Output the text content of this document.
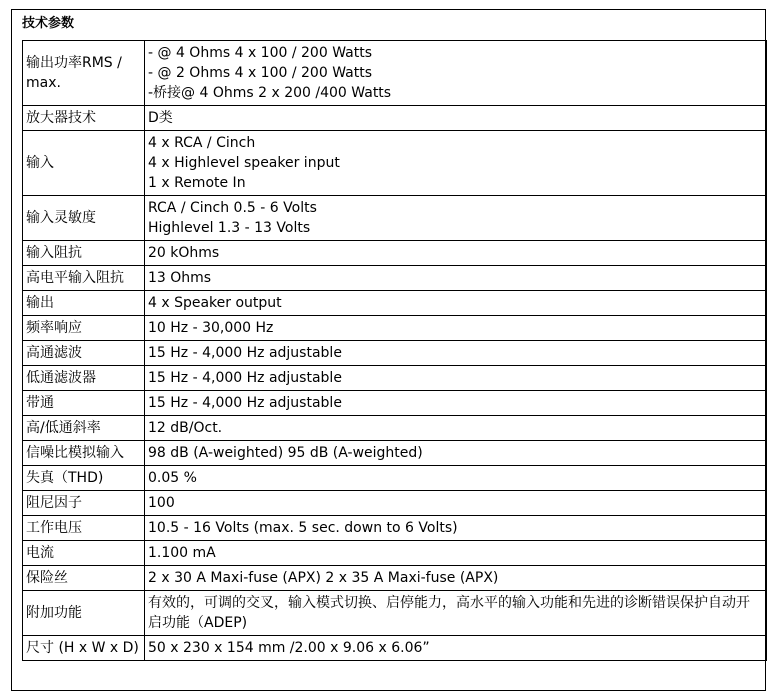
技术参数
输出功率RMS / max.	- @ 4 Ohms 4 x 100 / 200 Watts
- @ 2 Ohms 4 x 100 / 200 Watts
-桥接@ 4 Ohms 2 x 200 /400 Watts

放大器技术	D类

输入	4 x RCA / Cinch
4 x Highlevel speaker input
1 x Remote In

输入灵敏度	RCA / Cinch 0.5 - 6 Volts
Highlevel 1.3 - 13 Volts

输入阻抗	20 kOhms

高电平输入阻抗	13 Ohms

输出	4 x Speaker output

频率响应	10 Hz - 30,000 Hz

高通滤波	15 Hz - 4,000 Hz adjustable

低通滤波器	15 Hz - 4,000 Hz adjustable

带通	15 Hz - 4,000 Hz adjustable

高/低通斜率	12 dB/Oct.

信噪比模拟输入	98 dB (A-weighted) 95 dB (A-weighted)

失真（THD)	0.05 %

阻尼因子	100

工作电压	10.5 - 16 Volts (max. 5 sec. down to 6 Volts)

电流	1.100 mA

保险丝	2 x 30 A Maxi-fuse (APX) 2 x 35 A Maxi-fuse (APX)

附加功能	有效的，可调的交叉，输入模式切换、启停能力，高水平的输入功能和先进的诊断错误保护自动开启功能（ADEP)

尺寸 (H x W x D)	50 x 230 x 154 mm /2.00 x 9.06 x 6.06”
